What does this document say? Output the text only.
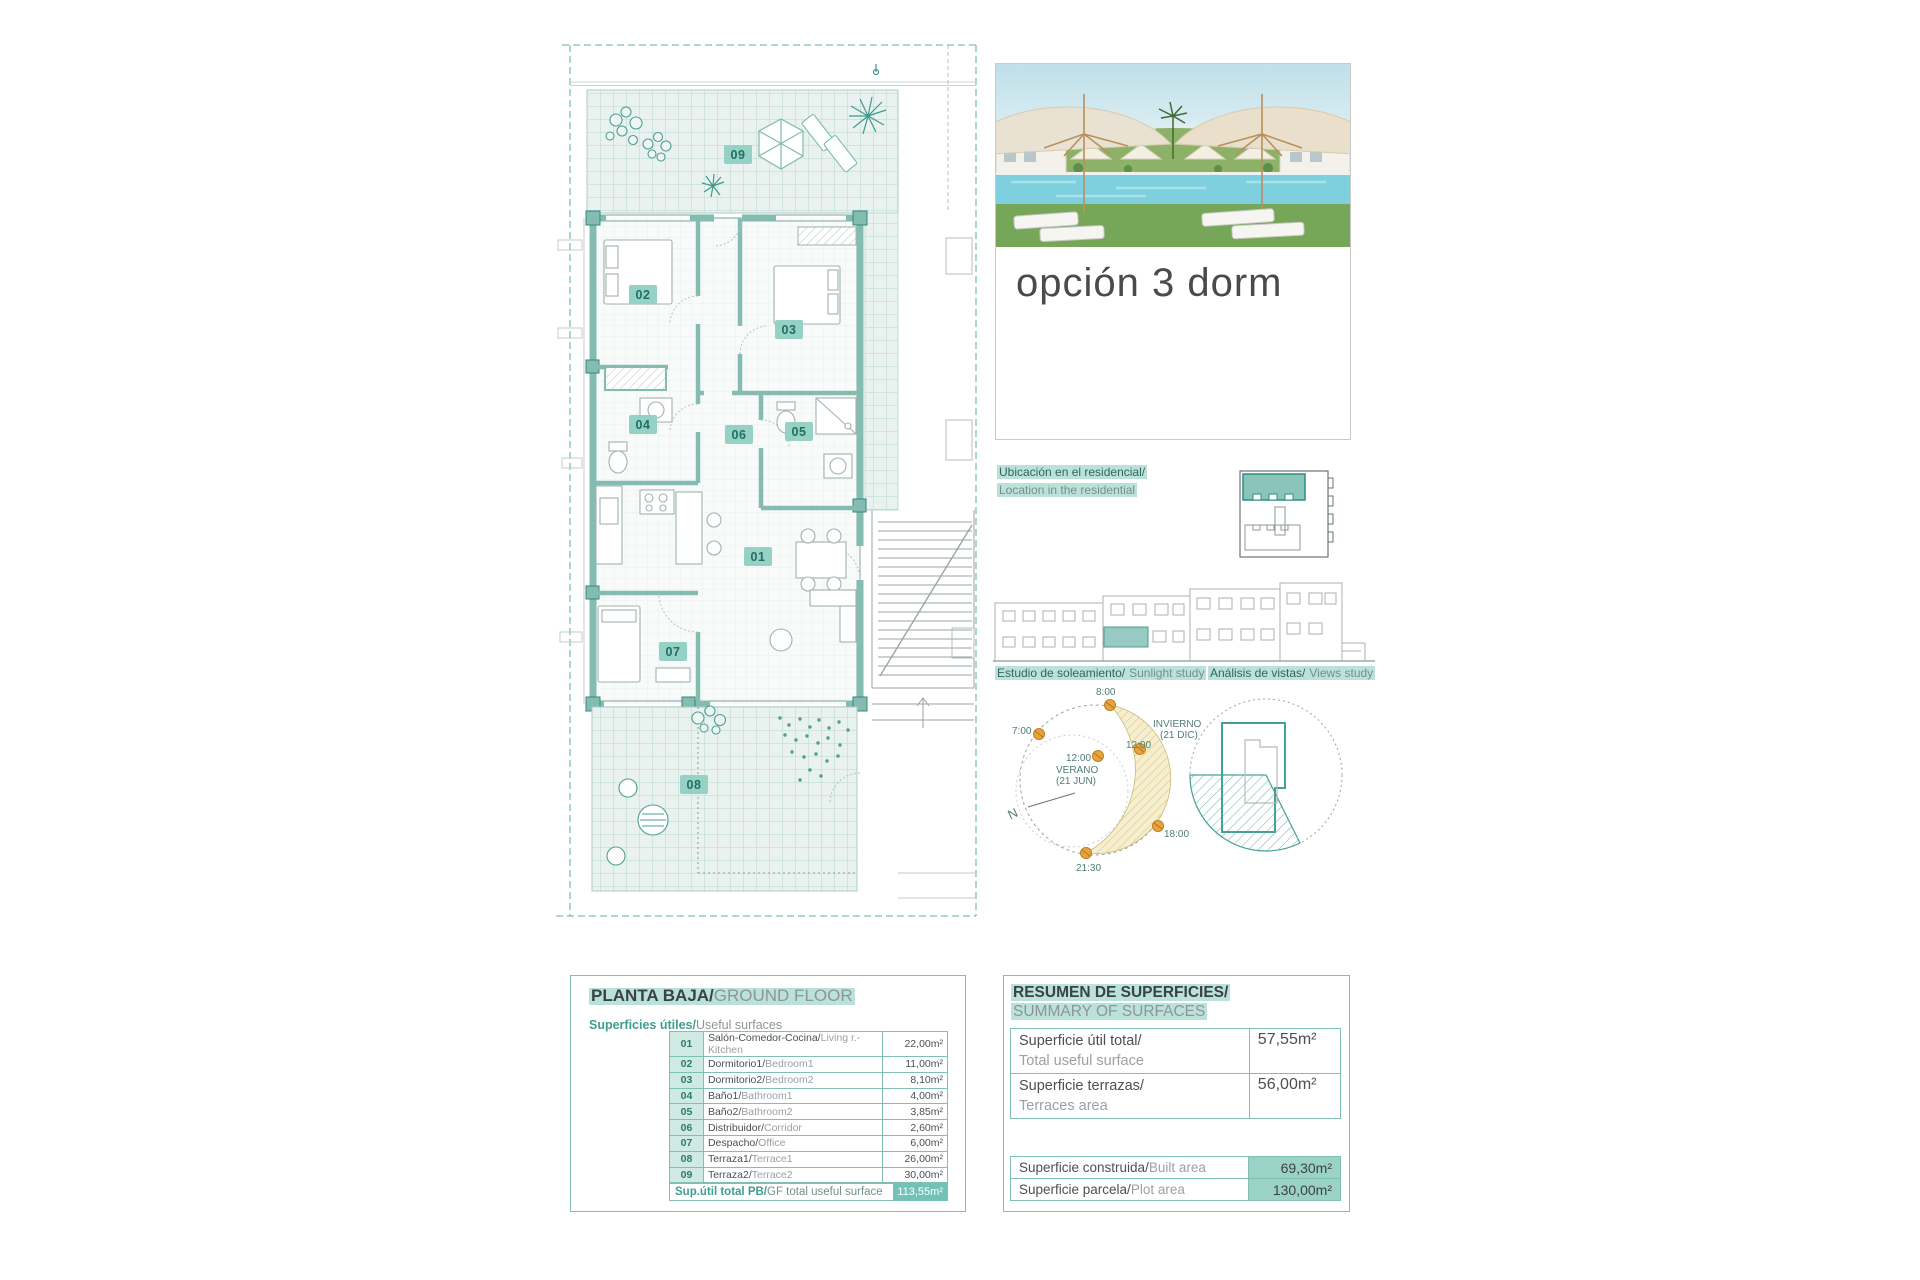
09
02
03
04
06	05
01
07
08
opción 3 dorm
Ubicación en el residencial/
Location in the residential
Estudio de soleamiento/ Sunlight study Análisis de vistas/ Views study
8:00
7:00
12:00
12:00
18:00
21:30
VERANO
(21 JUN)
INVIERNO
(21 DIC)
N
PLANTA BAJA/GROUND FLOOR
Superficies útiles/Useful surfaces
01	Salón-Comedor-Cocina/Living r.-Kitchen	22,00m²
02	Dormitorio1/Bedroom1	11,00m²
03	Dormitorio2/Bedroom2	8,10m²
04	Baño1/Bathroom1	4,00m²
05	Baño2/Bathroom2	3,85m²
06	Distribuidor/Corridor	2,60m²
07	Despacho/Office	6,00m²
08	Terraza1/Terrace1	26,00m²
09	Terraza2/Terrace2	30,00m²
Sup.útil total PB/ GF total useful surface	113,55m²
RESUMEN DE SUPERFICIES/
SUMMARY OF SURFACES
Superficie útil total/
Total useful surface	57,55m²
Superficie terrazas/
Terraces area	56,00m²
Superficie construida/Built area	69,30m²
Superficie parcela/Plot area	130,00m²
